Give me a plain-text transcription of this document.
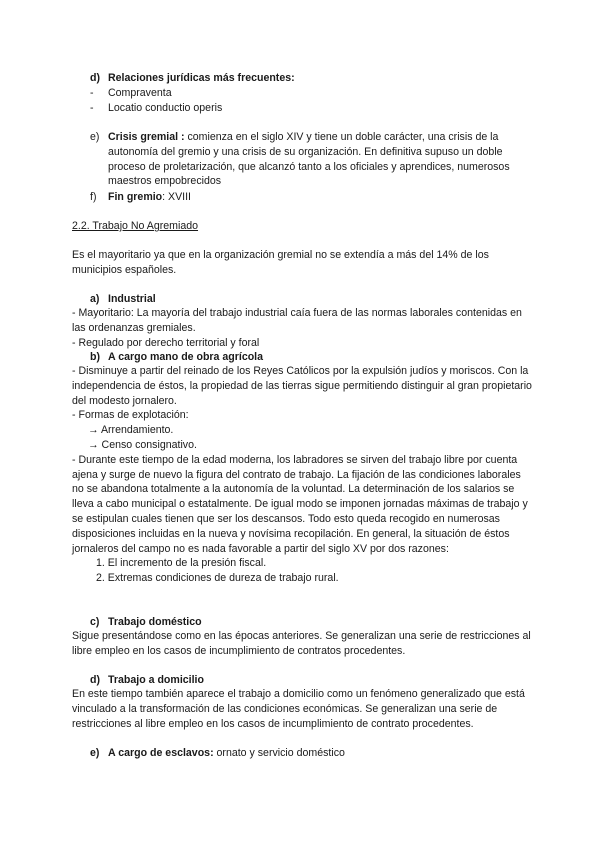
d) Relaciones jurídicas más frecuentes:
- Compraventa
- Locatio conductio operis
e) Crisis gremial : comienza en el siglo XIV y tiene un doble carácter, una crisis de la autonomía del gremio y una crisis de su organización. En definitiva supuso un doble proceso de proletarización, que alcanzó tanto a los oficiales y aprendices, numerosos maestros empobrecidos
f) Fin gremio: XVIII
2.2. Trabajo No Agremiado
Es el mayoritario ya que en la organización gremial no se extendía a más del 14% de los municipios españoles.
a) Industrial
- Mayoritario: La mayoría del trabajo industrial caía fuera de las normas laborales contenidas en las ordenanzas gremiales.
- Regulado por derecho territorial y foral
b) A cargo mano de obra agrícola
- Disminuye a partir del reinado de los Reyes Católicos por la expulsión judíos y moriscos. Con la independencia de éstos, la propiedad de las tierras sigue permitiendo distinguir al gran propietario del modesto jornalero.
- Formas de explotación:
→ Arrendamiento.
→ Censo consignativo.
- Durante este tiempo de la edad moderna, los labradores se sirven del trabajo libre por cuenta ajena y surge de nuevo la figura del contrato de trabajo. La fijación de las condiciones laborales no se abandona totalmente a la autonomía de la voluntad. La determinación de los salarios se lleva a cabo municipal o estatalmente. De igual modo se imponen jornadas máximas de trabajo y se estipulan cuales tienen que ser los descansos. Todo esto queda recogido en numerosas disposiciones incluidas en la nueva y novísima recopilación. En general, la situación de éstos jornaleros del campo no es nada favorable a partir del siglo XV por dos razones:
1. El incremento de la presión fiscal.
2. Extremas condiciones de dureza de trabajo rural.
c) Trabajo doméstico
Sigue presentándose como en las épocas anteriores. Se generalizan una serie de restricciones al libre empleo en los casos de incumplimiento de contratos procedentes.
d) Trabajo a domicilio
En este tiempo también aparece el trabajo a domicilio como un fenómeno generalizado que está vinculado a la transformación de las condiciones económicas. Se generalizan una serie de restricciones al libre empleo en los casos de incumplimiento de contrato procedentes.
e) A cargo de esclavos: ornato y servicio doméstico
